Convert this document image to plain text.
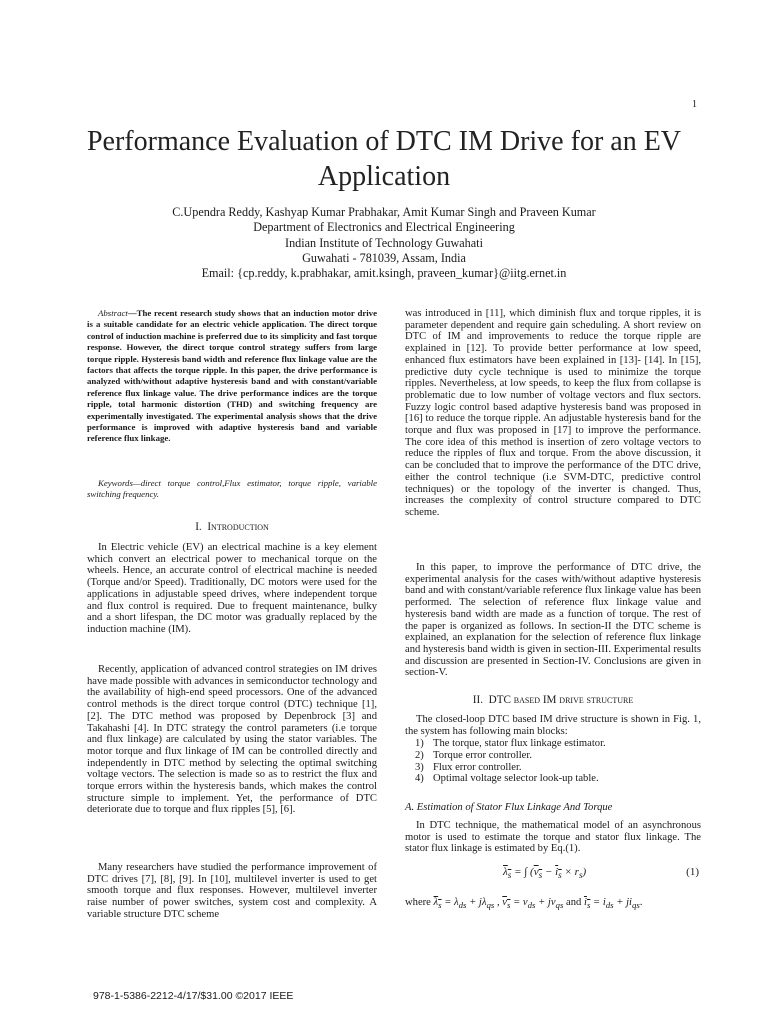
1
Performance Evaluation of DTC IM Drive for an EV Application
C.Upendra Reddy, Kashyap Kumar Prabhakar, Amit Kumar Singh and Praveen Kumar
Department of Electronics and Electrical Engineering
Indian Institute of Technology Guwahati
Guwahati - 781039, Assam, India
Email: {cp.reddy, k.prabhakar, amit.ksingh, praveen_kumar}@iitg.ernet.in

Abstract—The recent research study shows that an induction motor drive is a suitable candidate for an electric vehicle application. The direct torque control of induction machine is preferred due to its simplicity and fast torque response. However, the direct torque control strategy suffers from large torque ripple. Hysteresis band width and reference flux linkage value are the factors that affects the torque ripple. In this paper, the drive performance is analyzed with/without adaptive hysteresis band and with constant/variable reference flux linkage value. The drive performance indices are the torque ripple, total harmonic distortion (THD) and switching frequency are experimentally investigated. The experimental analysis shows that the drive performance is improved with adaptive hysteresis band and variable reference flux linkage.

Keywords—direct torque control,Flux estimator, torque ripple, variable switching frequency.

I. Introduction

In Electric vehicle (EV) an electrical machine is a key element which convert an electrical power to mechanical torque on the wheels. Hence, an accurate control of electrical machine is needed (Torque and/or Speed). Traditionally, DC motors were used for the applications in adjustable speed drives, where independent torque and flux control is required. Due to frequent maintenance, bulky and a short lifespan, the DC motor was gradually replaced by the induction machine (IM).

Recently, application of advanced control strategies on IM drives have made possible with advances in semiconductor technology and the availability of high-end speed processors. One of the advanced control methods is the direct torque control (DTC) technique [1], [2]. The DTC method was proposed by Depenbrock [3] and Takahashi [4]. In DTC strategy the control parameters (i.e torque and flux linkage) are calculated by using the stator variables. The motor torque and flux linkage of IM can be controlled directly and independently in DTC method by selecting the optimal switching voltage vectors. The selection is made so as to restrict the flux and torque errors within the hysteresis bands, which makes the control structure simple to implement. Yet, the performance of DTC deteriorate due to torque and flux ripples [5], [6].

Many researchers have studied the performance improvement of DTC drives [7], [8], [9]. In [10], multilevel inverter is used to get smooth torque and flux responses. However, multilevel inverter raise number of power switches, system cost and complexity. A variable structure DTC scheme

was introduced in [11], which diminish flux and torque ripples, it is parameter dependent and require gain scheduling. A short review on DTC of IM and improvements to reduce the torque ripple are explained in [12]. To provide better performance at low speed, enhanced flux estimators have been explained in [13]- [14]. In [15], predictive duty cycle technique is used to minimize the torque ripples. Nevertheless, at low speeds, to keep the flux from collapse is problematic due to low number of voltage vectors and flux sectors. Fuzzy logic control based adaptive hysteresis band was proposed in [16] to reduce the torque ripple. An adjustable hysteresis band for the torque and flux was proposed in [17] to improve the performance. The core idea of this method is insertion of zero voltage vectors to reduce the ripples of flux and torque. From the above discussion, it can be concluded that to improve the performance of the DTC drive, either the control technique (i.e SVM-DTC, predictive control techniques) or the topology of the inverter is changed. Thus, increases the complexity of control structure compared to DTC scheme.

In this paper, to improve the performance of DTC drive, the experimental analysis for the cases with/without adaptive hysteresis band and with constant/variable reference flux linkage value has been performed. The selection of reference flux linkage value and hysteresis band width are made as a function of torque. The rest of the paper is organized as follows. In section-II the DTC scheme is explained, an explanation for the selection of reference flux linkage and hysteresis band width is given in section-III. Experimental results and discussion are presented in Section-IV. Conclusions are given in section-V.

II. DTC based IM drive structure

The closed-loop DTC based IM drive structure is shown in Fig. 1, the system has following main blocks:

1) The torque, stator flux linkage estimator.
2) Torque error controller.
3) Flux error controller.
4) Optimal voltage selector look-up table.
A. Estimation of Stator Flux Linkage And Torque

In DTC technique, the mathematical model of an asynchronous motor is used to estimate the torque and stator flux linkage. The stator flux linkage is estimated by Eq.(1).

$\lambda_s$ = ∫ $(v_s - i_s \times r_s)$	(1)
where $\lambda_s = \lambda_{ds} + j\lambda_{qs}$ , $v_s = v_{ds} + jv_{qs}$ and $i_s = i_{ds} + ji_{qs}$.
978-1-5386-2212-4/17/$31.00 ©2017 IEEE
